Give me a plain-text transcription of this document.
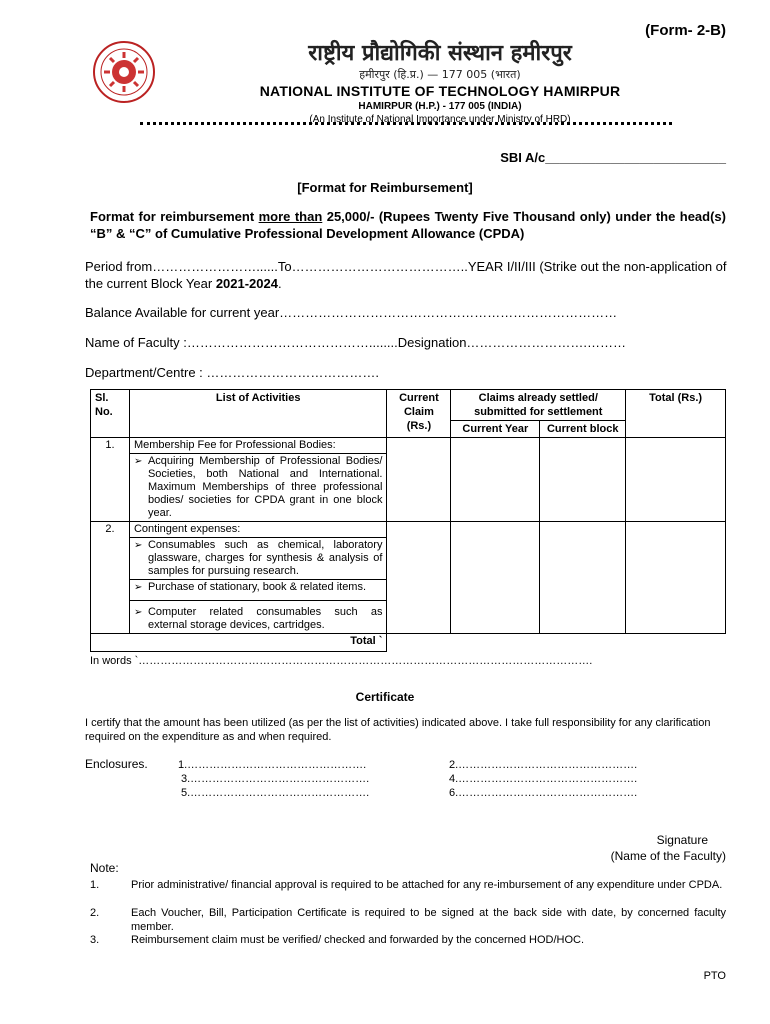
(Form- 2-B)
राष्ट्रीय प्रौद्योगिकी संस्थान हमीरपुर
हमीरपुर (हि.प्र.) — 177 005 (भारत)
NATIONAL INSTITUTE OF TECHNOLOGY HAMIRPUR
HAMIRPUR (H.P.) - 177 005 (INDIA)
(An Institute of National Importance under Ministry of HRD)
SBI A/c_________________________
[Format for Reimbursement]
Format for reimbursement more than 25,000/- (Rupees Twenty Five Thousand only) under the head(s) “B” & “C” of Cumulative Professional Development Allowance (CPDA)
Period from……………………......To…………………………………..YEAR I/II/III (Strike out the non-application of
the current Block Year 2021-2024.
Balance Available for current year……………………………………………………………………
Name of Faculty :……………………………………........Designation……………………….………
Department/Centre : ………………………………….
Sl. No.	List of Activities	Current Claim (Rs.)	Claims already settled/ submitted for settlement		Total (Rs.)
			Current Year	Current block	
1.	Membership Fee for Professional Bodies:				

	➢ Acquiring Membership of Professional Bodies/ Societies, both National and International. Maximum Memberships of three professional bodies/ societies for CPDA grant in one block year.

2.	Contingent expenses:				

	➢ Consumables such as chemical, laboratory glassware, charges for synthesis & analysis of samples for pursuing research.

	➢ Purchase of stationary, book & related items.

	➢ Computer related consumables such as external storage devices, cartridges.

Total `					
In words `…………………………………………………………………………………………………………….
Certificate
I certify that the amount has been utilized (as per the list of activities) indicated above. I take full responsibility for any clarification required on the expenditure as and when required.
Enclosures.	1.………………………………………….	2.………………………………………….
3.………………………………………….	4.………………………………………….
5.………………………………………….	6.………………………………………….
Signature
(Name of the Faculty)
Note:
1.	Prior administrative/ financial approval is required to be attached for any re-imbursement of any expenditure under CPDA.
2.	Each Voucher, Bill, Participation Certificate is required to be signed at the back side with date, by concerned faculty member.
3.	Reimbursement claim must be verified/ checked and forwarded by the concerned HOD/HOC.
PTO
